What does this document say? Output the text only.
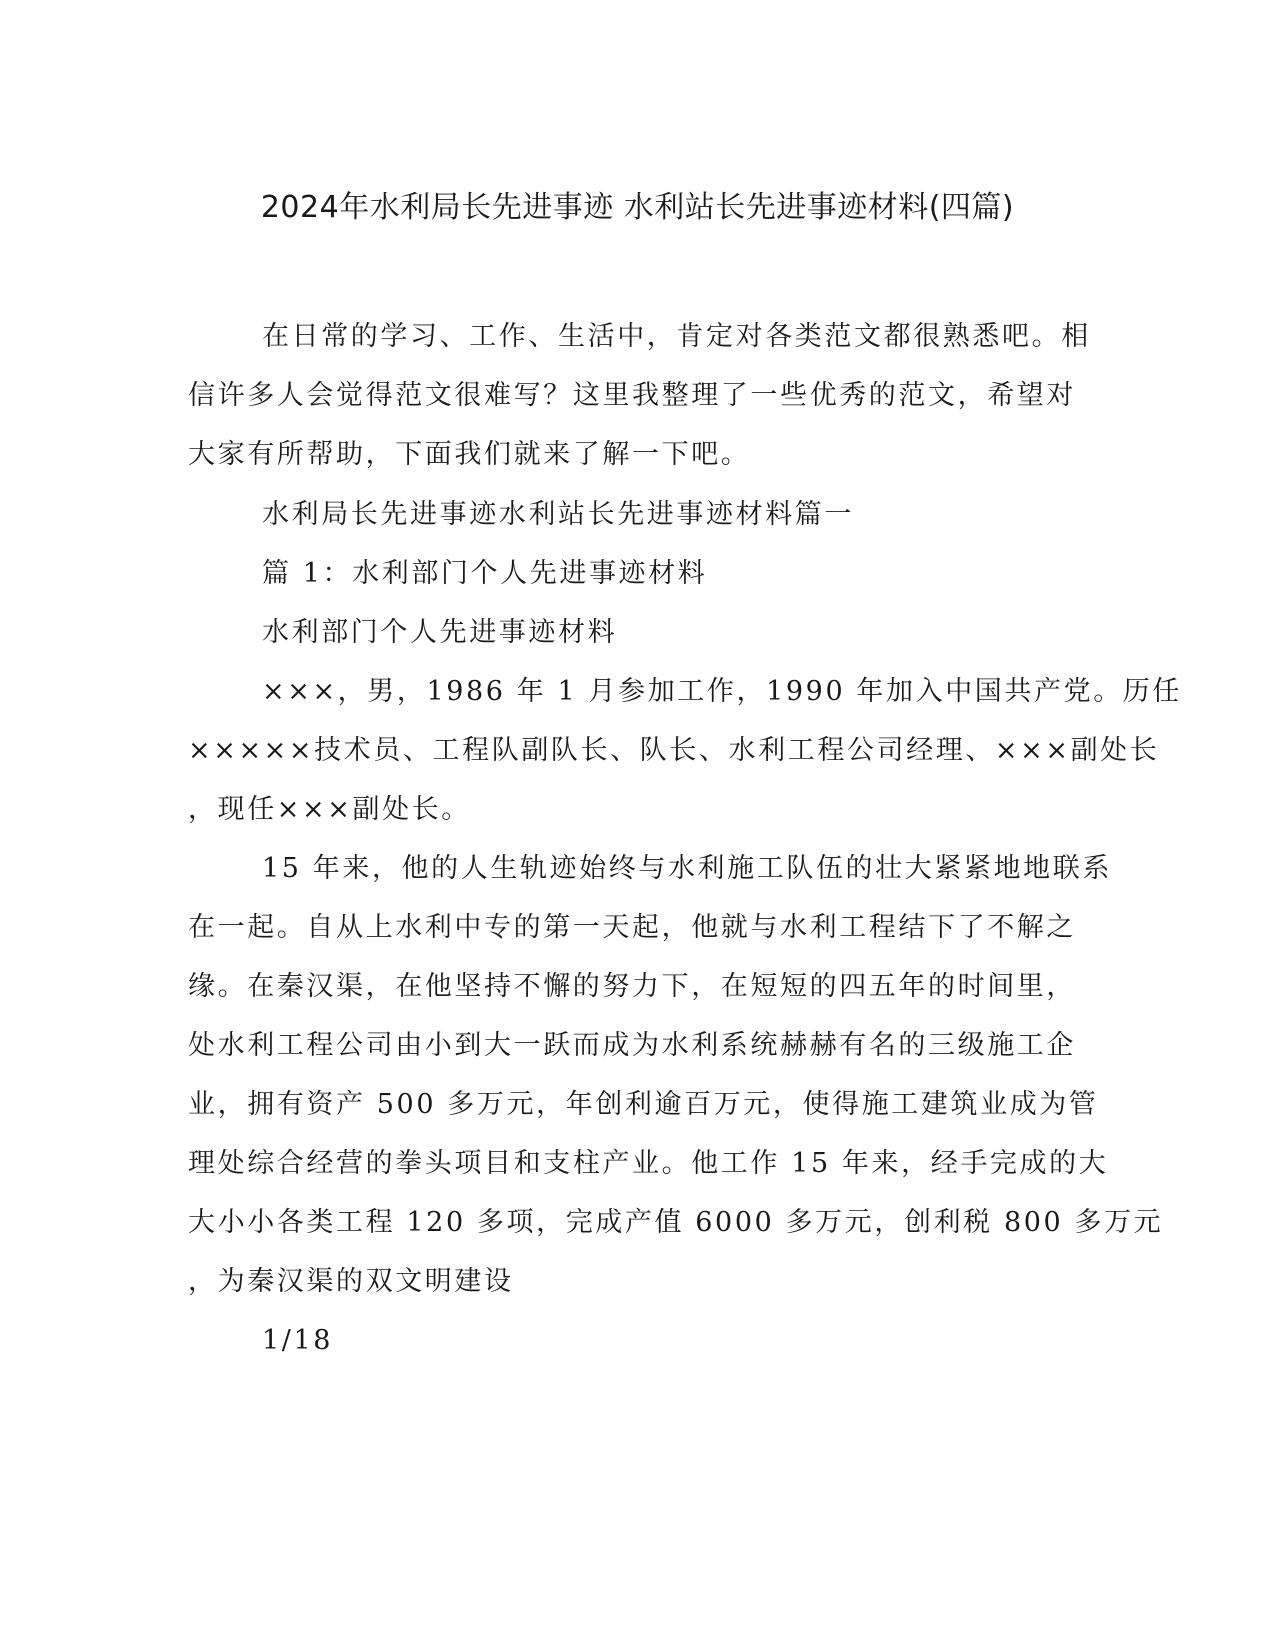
2024年水利局长先进事迹 水利站长先进事迹材料(四篇)
在日常的学习、工作、生活中，肯定对各类范文都很熟悉吧。相
信许多人会觉得范文很难写？这里我整理了一些优秀的范文，希望对
大家有所帮助，下面我们就来了解一下吧。
水利局长先进事迹水利站长先进事迹材料篇一
篇 1：水利部门个人先进事迹材料
水利部门个人先进事迹材料
×××，男，1986 年 1 月参加工作，1990 年加入中国共产党。历任
×××××技术员、工程队副队长、队长、水利工程公司经理、×××副处长
，现任×××副处长。
15 年来，他的人生轨迹始终与水利施工队伍的壮大紧紧地地联系
在一起。自从上水利中专的第一天起，他就与水利工程结下了不解之
缘。在秦汉渠，在他坚持不懈的努力下，在短短的四五年的时间里，
处水利工程公司由小到大一跃而成为水利系统赫赫有名的三级施工企
业，拥有资产 500 多万元，年创利逾百万元，使得施工建筑业成为管
理处综合经营的拳头项目和支柱产业。他工作 15 年来，经手完成的大
大小小各类工程 120 多项，完成产值 6000 多万元，创利税 800 多万元
，为秦汉渠的双文明建设
1/18
